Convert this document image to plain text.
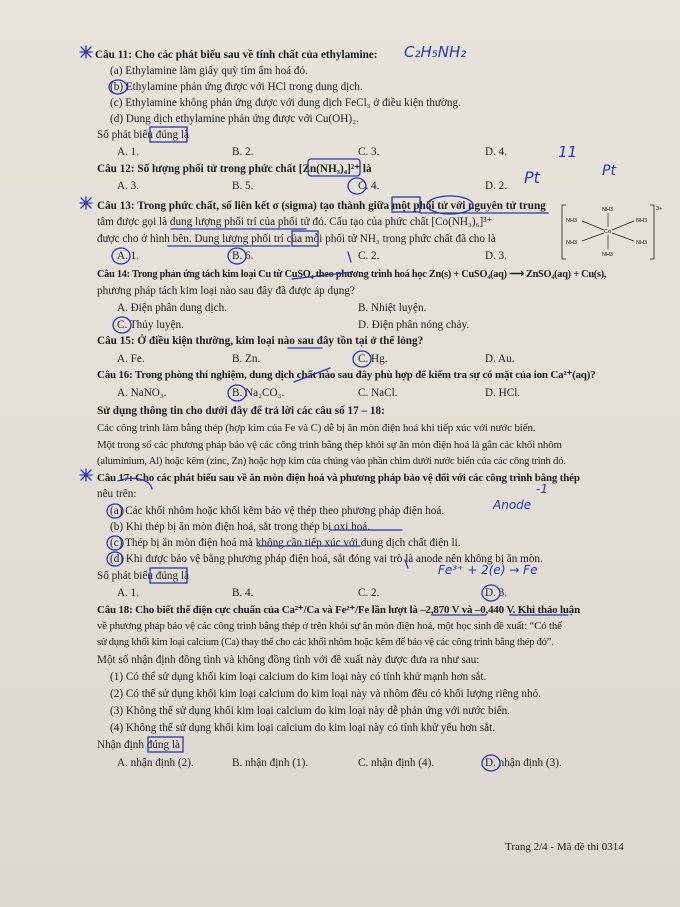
Câu 11: Cho các phát biểu sau về tính chất của ethylamine:
(a) Ethylamine làm giấy quỳ tím ẩm hoá đỏ.
(b) Ethylamine phản ứng được với HCl trong dung dịch.
(c) Ethylamine không phản ứng được với dung dịch FeCl₃ ở điều kiện thường.
(d) Dung dịch ethylamine phản ứng được với Cu(OH)₂.
Số phát biểu đúng là
A. 1.	B. 2.	C. 3.	D. 4.
Câu 12: Số lượng phối tử trong phức chất [Zn(NH₃)₄]²⁺ là
A. 3.	B. 5.	C. 4.	D. 2.
Câu 13: Trong phức chất, số liên kết σ (sigma) tạo thành giữa một phối tử với nguyên tử trung
tâm được gọi là dung lượng phối trí của phối tử đó. Cấu tạo của phức chất [Co(NH₃)₆]³⁺
được cho ở hình bên. Dung lượng phối trí của mỗi phối tử NH₃ trong phức chất đã cho là
A. 1.	B. 6.	C. 2.	D. 3.
3+
Co
NH3
NH3
NH3	NH3
NH3	NH3
Câu 14: Trong phản ứng tách kim loại Cu từ CuSO₄ theo phương trình hoá học Zn(s) + CuSO₄(aq) ⟶ ZnSO₄(aq) + Cu(s),
phương pháp tách kim loại nào sau đây đã được áp dụng?
A. Điện phân dung dịch.	B. Nhiệt luyện.
C. Thủy luyện.	D. Điện phân nóng chảy.
Câu 15: Ở điều kiện thường, kim loại nào sau đây tồn tại ở thể lỏng?
A. Fe.	B. Zn.	C. Hg.	D. Au.
Câu 16: Trong phòng thí nghiệm, dung dịch chất nào sau đây phù hợp để kiểm tra sự có mặt của ion Ca²⁺(aq)?
A. NaNO₃.	B. Na₂CO₃.	C. NaCl.	D. HCl.
Sử dụng thông tin cho dưới đây để trả lời các câu số 17 – 18:
Các công trình làm bằng thép (hợp kim của Fe và C) dễ bị ăn mòn điện hoá khi tiếp xúc với nước biển.
Một trong số các phương pháp bảo vệ các công trình bằng thép khỏi sự ăn mòn điện hoá là gắn các khối nhôm
(aluminium, Al) hoặc kẽm (zinc, Zn) hoặc hợp kim của chúng vào phần chìm dưới nước biển của các công trình đó.
Câu 17: Cho các phát biểu sau về ăn mòn điện hoá và phương pháp bảo vệ đối với các công trình bằng thép
nêu trên:
(a) Các khối nhôm hoặc khối kẽm bảo vệ thép theo phương pháp điện hoá.
(b) Khi thép bị ăn mòn điện hoá, sắt trong thép bị oxi hoá.
(c) Thép bị ăn mòn điện hoá mà không cần tiếp xúc với dung dịch chất điện li.
(d) Khi được bảo vệ bằng phương pháp điện hoá, sắt đóng vai trò là anode nên không bị ăn mòn.
Số phát biểu đúng là
A. 1.	B. 4.	C. 2.	D. 3.
Câu 18: Cho biết thế điện cực chuẩn của Ca²⁺/Ca và Fe²⁺/Fe lần lượt là –2,870 V và –0,440 V. Khi thảo luận
về phương pháp bảo vệ các công trình bằng thép ở trên khỏi sự ăn mòn điện hoá, một học sinh đề xuất: “Có thể
sử dụng khối kim loại calcium (Ca) thay thế cho các khối nhôm hoặc kẽm để bảo vệ các công trình bằng thép đó”.
Một số nhận định đồng tình và không đồng tình với đề xuất này được đưa ra như sau:
(1) Có thể sử dụng khối kim loại calcium do kim loại này có tính khử mạnh hơn sắt.
(2) Có thể sử dụng khối kim loại calcium do kim loại này và nhôm đều có khối lượng riêng nhỏ.
(3) Không thể sử dụng khối kim loại calcium do kim loại này dễ phản ứng với nước biển.
(4) Không thể sử dụng khối kim loại calcium do kim loại này có tính khử yếu hơn sắt.
Nhận định đúng là
A. nhận định (2).	B. nhận định (1).	C. nhận định (4).	D. nhận định (3).
C₂H₅NH₂
11
Pt	Pt
Anode
Fe³⁺ + 2(e) → Fe
-1
Trang 2/4 - Mã đề thi 0314
